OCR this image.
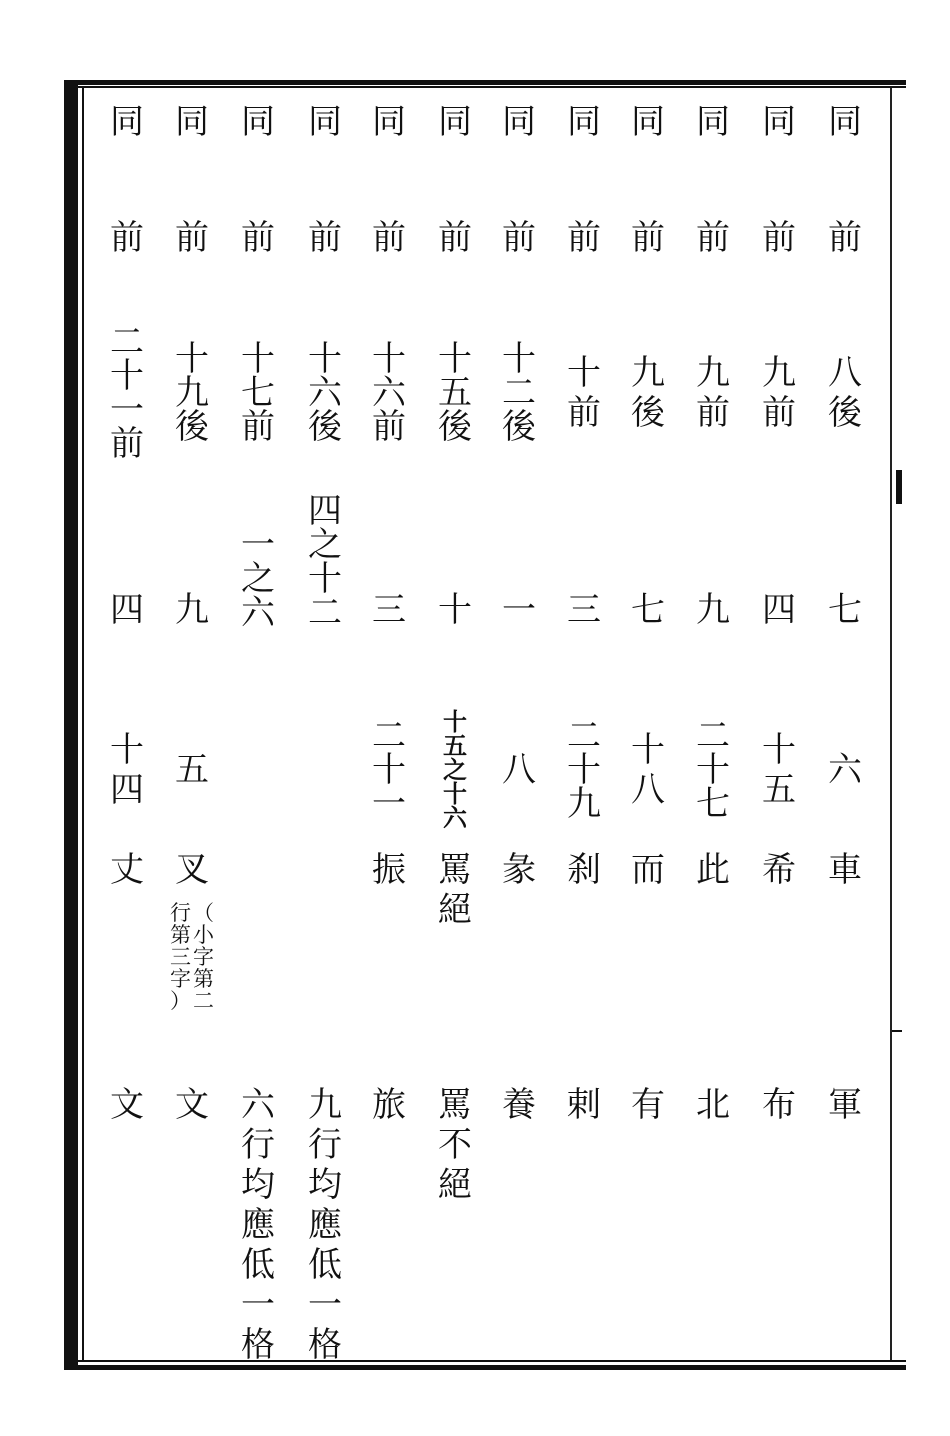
同
前
八
後
七
六
車
軍
同
前
九
前
四
十
五
希
布
同
前
九
前
九
二
十
七
此
北
同
前
九
後
七
十
八
而
有
同
前
十
前
三
二
十
九
刹
剌
同
前
十
二
後
一
八
彖
養
同
前
十
五
後
十
十
五
之
十
六
罵
絕
罵
不
絕
同
前
十
六
前
三
二
十
一
振
旅
同
前
十
六
後
四
之
十
二
九
行
均
應
低
一
格
同
前
十
七
前
一
之
六
六
行
均
應
低
一
格
同
前
十
九
後
九
五
叉
文
（
小
字
第
二
行
第
三
字
）
同
前
二
十
一
前
四
十
四
丈
文
